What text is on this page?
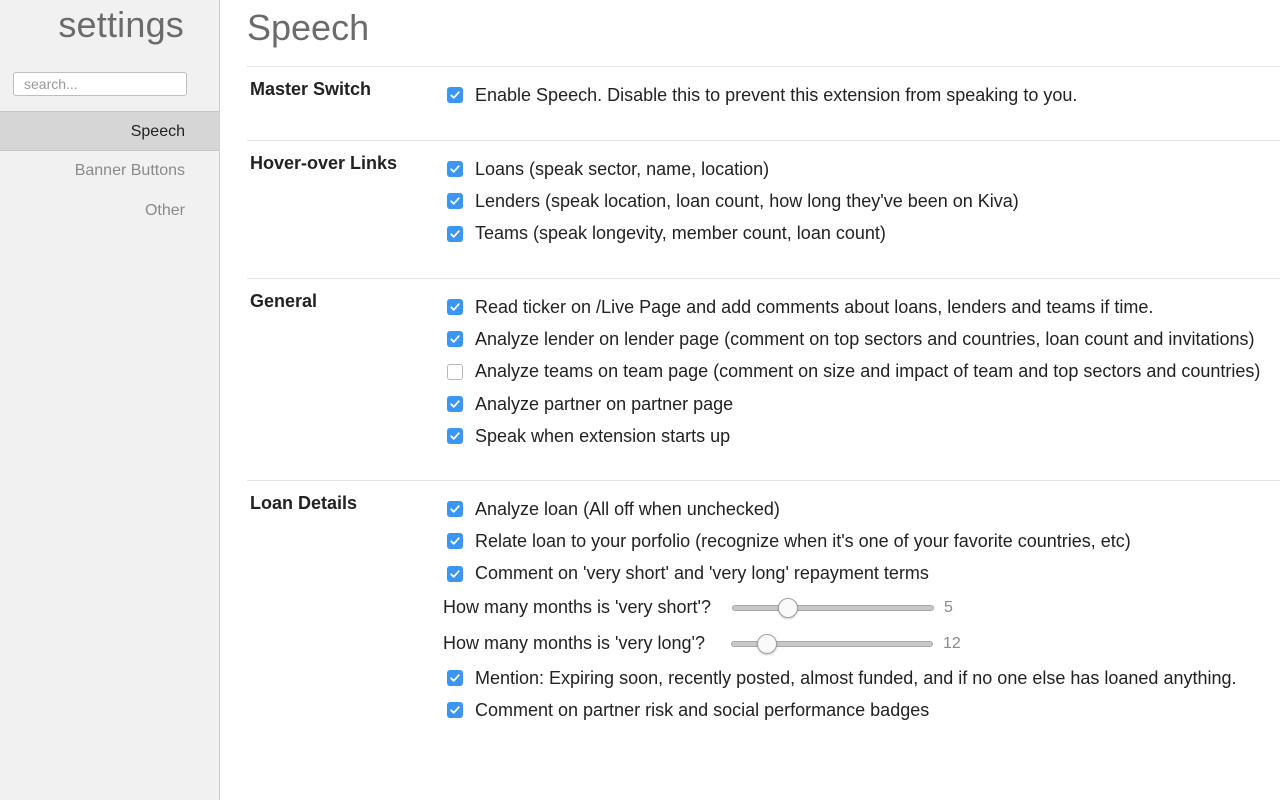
settings
search...
Speech
Banner Buttons
Other
Speech
Master Switch	Enable Speech. Disable this to prevent this extension from speaking to you.
Hover-over Links	Loans (speak sector, name, location)
Lenders (speak location, loan count, how long they've been on Kiva)
Teams (speak longevity, member count, loan count)
General	Read ticker on /Live Page and add comments about loans, lenders and teams if time.
Analyze lender on lender page (comment on top sectors and countries, loan count and invitations)
Analyze teams on team page (comment on size and impact of team and top sectors and countries)
Analyze partner on partner page
Speak when extension starts up
Loan Details	Analyze loan (All off when unchecked)
Relate loan to your porfolio (recognize when it's one of your favorite countries, etc)
Comment on 'very short' and 'very long' repayment terms
How many months is 'very short'?	5
How many months is 'very long'?	12
Mention: Expiring soon, recently posted, almost funded, and if no one else has loaned anything.
Comment on partner risk and social performance badges
